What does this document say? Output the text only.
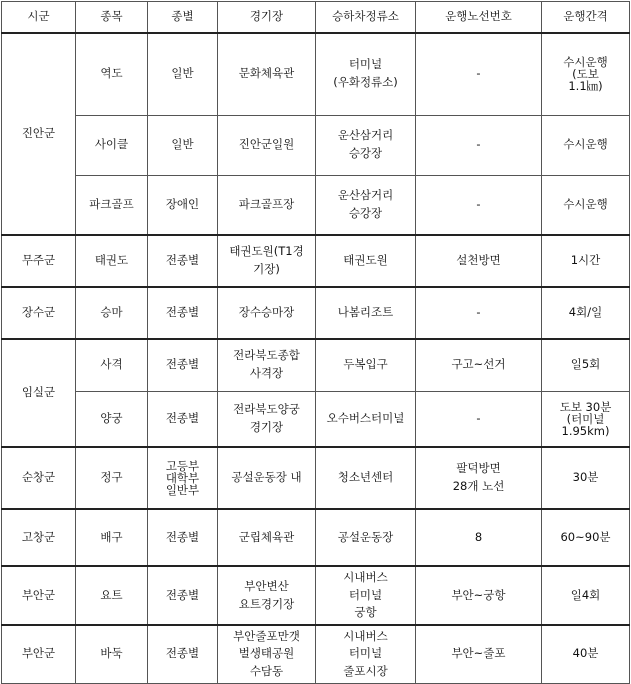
시군	종목	종별	경기장	승하차정류소	운행노선번호	운행간격
진안군	역도	일반	문화체육관	터미널
(우화정류소)	-	수시운행
(도보
1.1㎞)
	사이클	일반	진안군일원	운산삼거리
승강장	-	수시운행
	파크골프	장애인	파크골프장	운산삼거리
승강장	-	수시운행
무주군	태권도	전종별	태권도원(T1경
기장)	태권도원	설천방면	1시간
장수군	승마	전종별	장수승마장	나봄리조트	-	4회/일
임실군	사격	전종별	전라북도종합
사격장	두복입구	구고~선거	일5회
	양궁	전종별	전라북도양궁
경기장	오수버스터미널	-	도보 30분
(터미널
1.95km)
순창군	정구	고등부
대학부
일반부	공설운동장 내	청소년센터	팔덕방면
28개 노선	30분
고창군	배구	전종별	군립체육관	공설운동장	8	60~90분
부안군	요트	전종별	부안변산
요트경기장	시내버스
터미널
궁항	부안~궁항	일4회
부안군	바둑	전종별	부안줄포만갯
벌생태공원
수담동	시내버스
터미널
줄포시장	부안~줄포	40분
